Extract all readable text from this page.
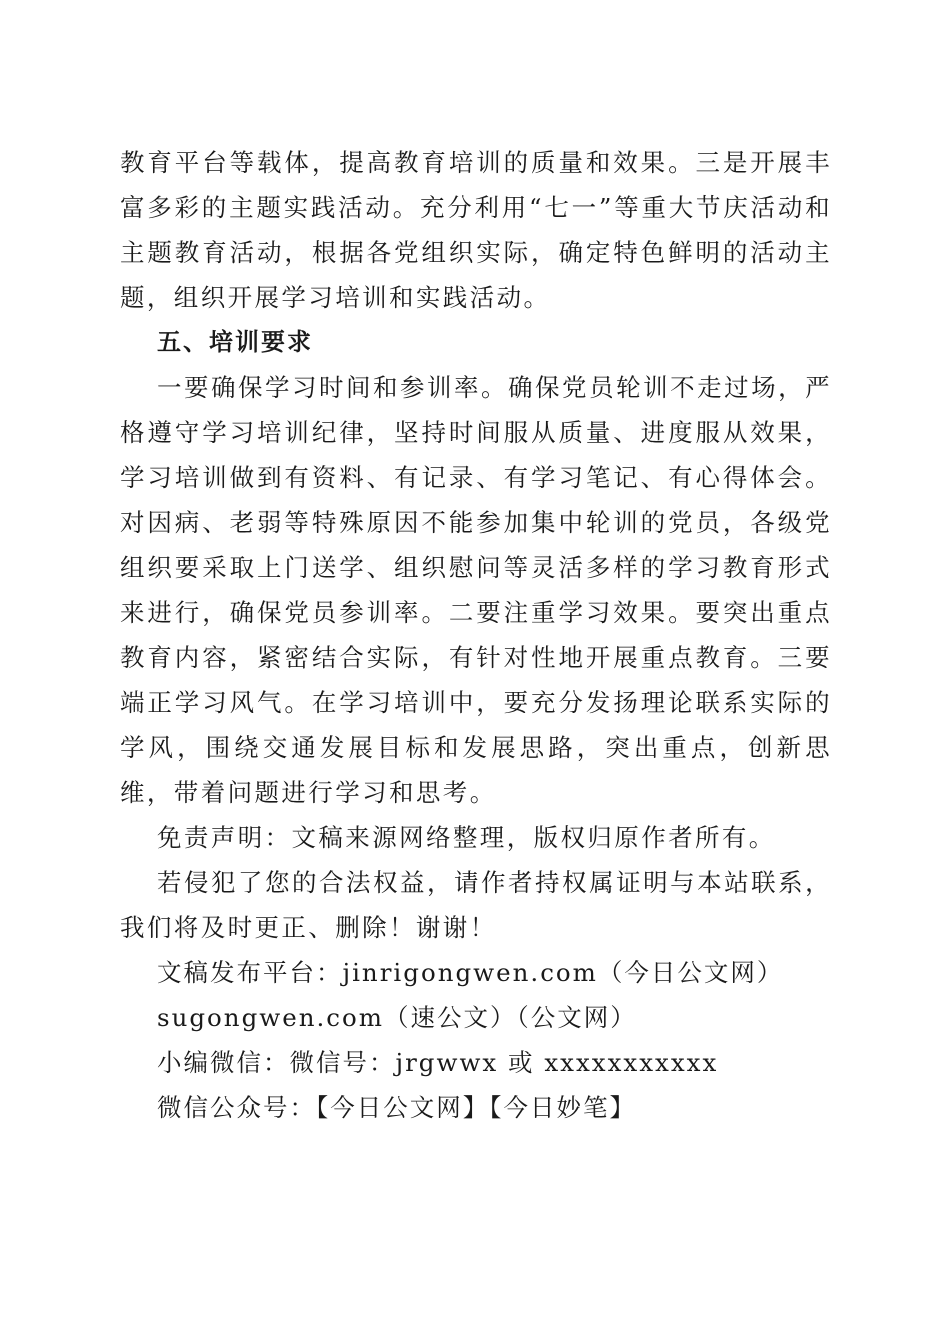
教育平台等载体，提高教育培训的质量和效果。三是开展丰富多彩的主题实践活动。充分利用“七一”等重大节庆活动和主题教育活动，根据各党组织实际，确定特色鲜明的活动主题，组织开展学习培训和实践活动。

五、培训要求

一要确保学习时间和参训率。确保党员轮训不走过场，严格遵守学习培训纪律，坚持时间服从质量、进度服从效果，学习培训做到有资料、有记录、有学习笔记、有心得体会。对因病、老弱等特殊原因不能参加集中轮训的党员，各级党组织要采取上门送学、组织慰问等灵活多样的学习教育形式来进行，确保党员参训率。二要注重学习效果。要突出重点教育内容，紧密结合实际，有针对性地开展重点教育。三要端正学习风气。在学习培训中，要充分发扬理论联系实际的学风，围绕交通发展目标和发展思路，突出重点，创新思维，带着问题进行学习和思考。

免责声明：文稿来源网络整理，版权归原作者所有。

若侵犯了您的合法权益，请作者持权属证明与本站联系，我们将及时更正、删除！谢谢！

文稿发布平台：jinrigongwen.com（今日公文网）

sugongwen.com（速公文）（公文网）

小编微信：微信号：jrgwwx 或 xxxxxxxxxxx

微信公众号：【今日公文网】【今日妙笔】
